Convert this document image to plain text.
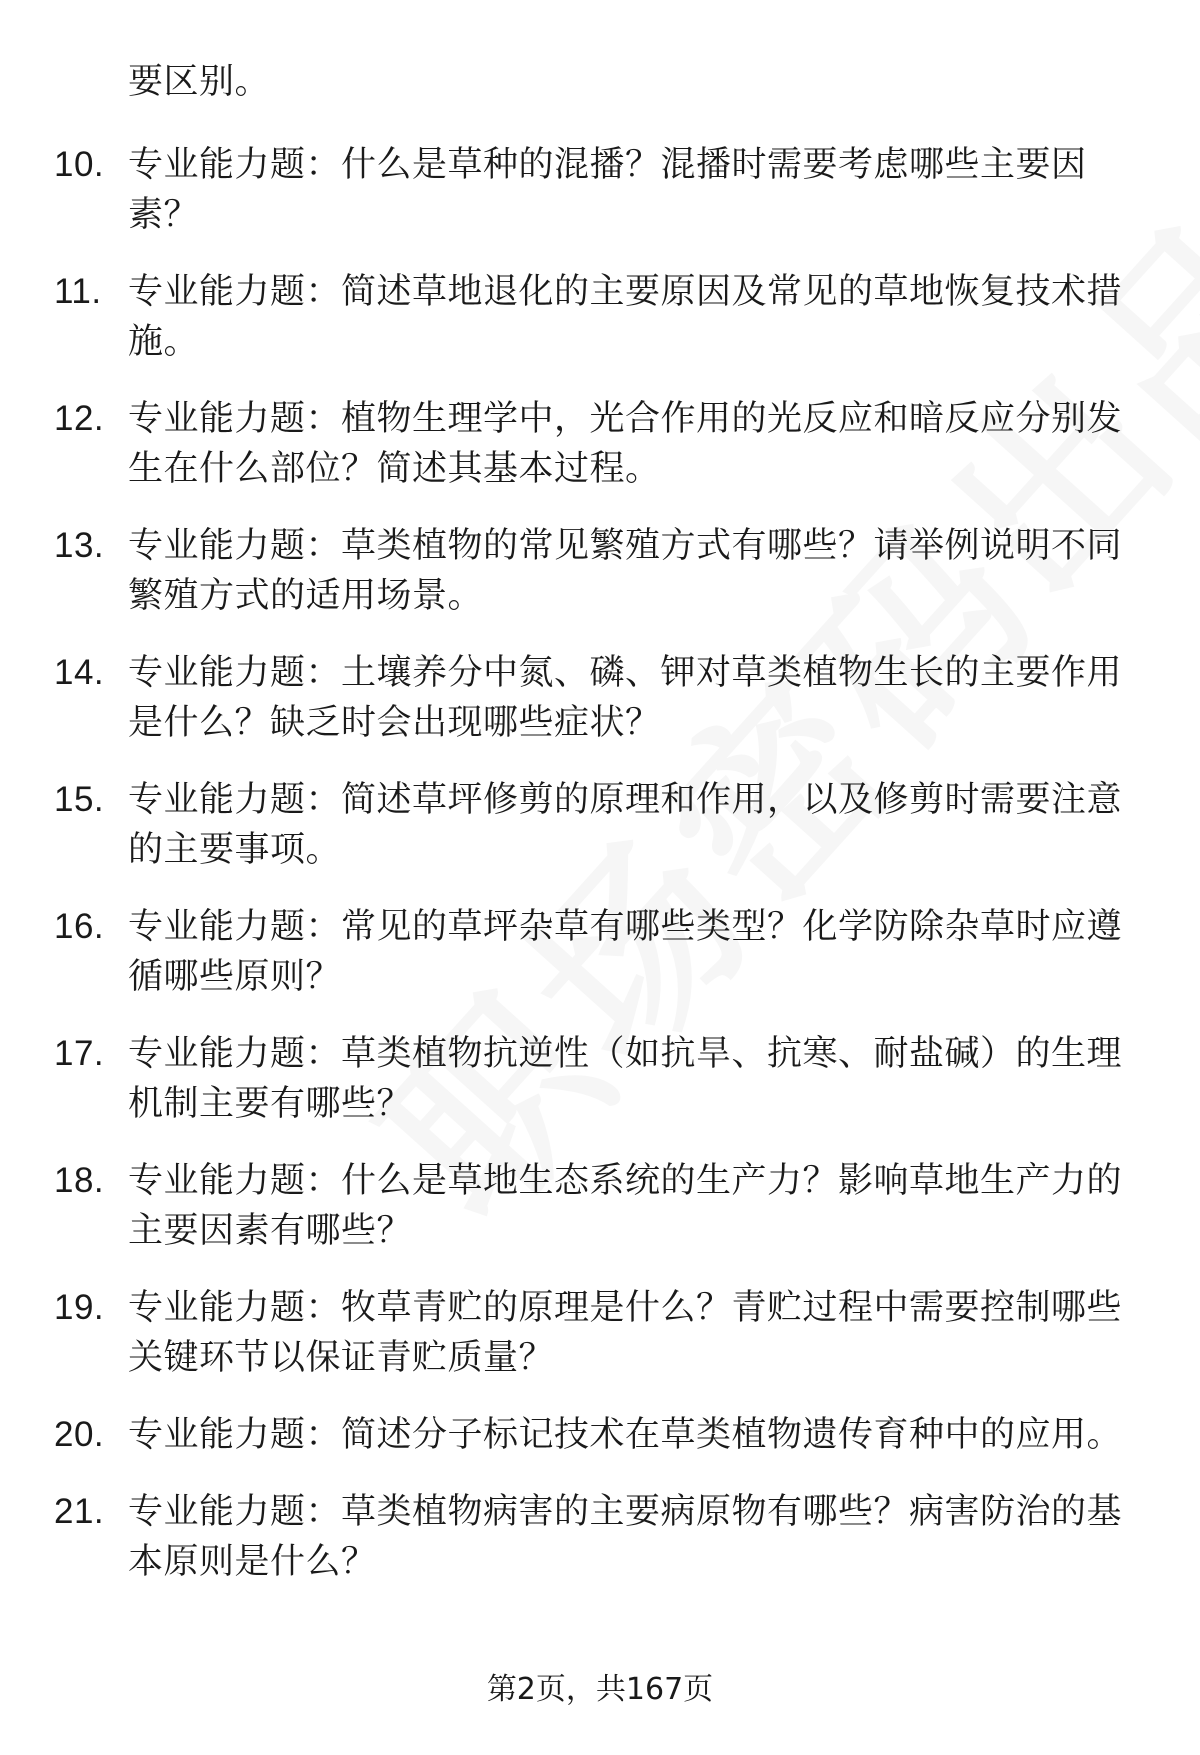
要区别。
10. 专业能力题：什么是草种的混播？混播时需要考虑哪些主要因素？
11. 专业能力题：简述草地退化的主要原因及常见的草地恢复技术措施。
12. 专业能力题：植物生理学中，光合作用的光反应和暗反应分别发生在什么部位？简述其基本过程。
13. 专业能力题：草类植物的常见繁殖方式有哪些？请举例说明不同繁殖方式的适用场景。
14. 专业能力题：土壤养分中氮、磷、钾对草类植物生长的主要作用是什么？缺乏时会出现哪些症状？
15. 专业能力题：简述草坪修剪的原理和作用，以及修剪时需要注意的主要事项。
16. 专业能力题：常见的草坪杂草有哪些类型？化学防除杂草时应遵循哪些原则？
17. 专业能力题：草类植物抗逆性（如抗旱、抗寒、耐盐碱）的生理机制主要有哪些？
18. 专业能力题：什么是草地生态系统的生产力？影响草地生产力的主要因素有哪些？
19. 专业能力题：牧草青贮的原理是什么？青贮过程中需要控制哪些关键环节以保证青贮质量？
20. 专业能力题：简述分子标记技术在草类植物遗传育种中的应用。
21. 专业能力题：草类植物病害的主要病原物有哪些？病害防治的基本原则是什么？
第2页，共167页
